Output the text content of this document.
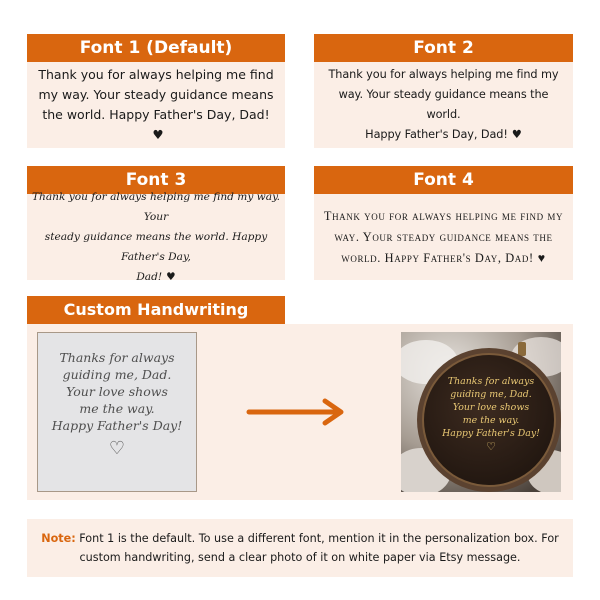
Font 1 (Default)
Thank you for always helping me find
my way. Your steady guidance means
the world. Happy Father's Day, Dad!♥
Font 2
Thank you for always helping me find my
way. Your steady guidance means the world.
Happy Father's Day, Dad! ♥
Font 3
Thank you for always helping me find my way. Your
steady guidance means the world. Happy Father's Day,
Dad! ♥
Font 4
Thank you for always helping me find my
way. Your steady guidance means the
world. Happy Father's Day, Dad! ♥
Custom Handwriting
Thanks for always
guiding me, Dad.
Your love shows
me the way.
Happy Father's Day!
♡
Thanks for always
guiding me, Dad.
Your love shows
me the way.
Happy Father's Day!
♡
Note: Font 1 is the default. To use a different font, mention it in the personalization box. For custom handwriting, send a clear photo of it on white paper via Etsy message.
